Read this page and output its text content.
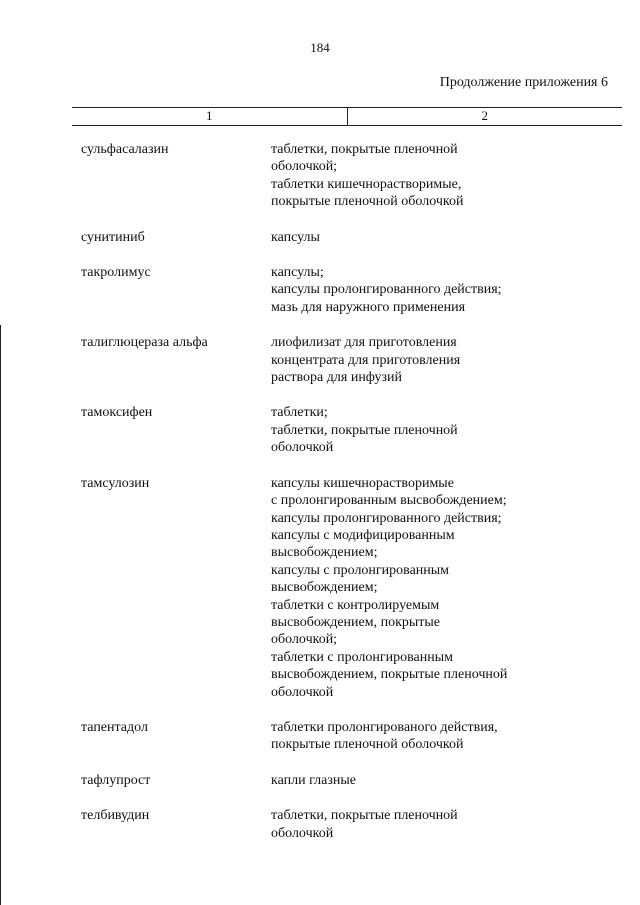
184
Продолжение приложения 6
1	2
сульфасалазин	таблетки, покрытые пленочной
оболочкой;
таблетки кишечнорастворимые,
покрытые пленочной оболочкой
сунитиниб	капсулы
такролимус	капсулы;
капсулы пролонгированного действия;
мазь для наружного применения
талиглюцераза альфа	лиофилизат для приготовления
концентрата для приготовления
раствора для инфузий
тамоксифен	таблетки;
таблетки, покрытые пленочной
оболочкой
тамсулозин	капсулы кишечнорастворимые
с пролонгированным высвобождением;
капсулы пролонгированного действия;
капсулы с модифицированным
высвобождением;
капсулы с пролонгированным
высвобождением;
таблетки с контролируемым
высвобождением, покрытые
оболочкой;
таблетки с пролонгированным
высвобождением, покрытые пленочной
оболочкой
тапентадол	таблетки пролонгированого действия,
покрытые пленочной оболочкой
тафлупрост	капли глазные
телбивудин	таблетки, покрытые пленочной
оболочкой
